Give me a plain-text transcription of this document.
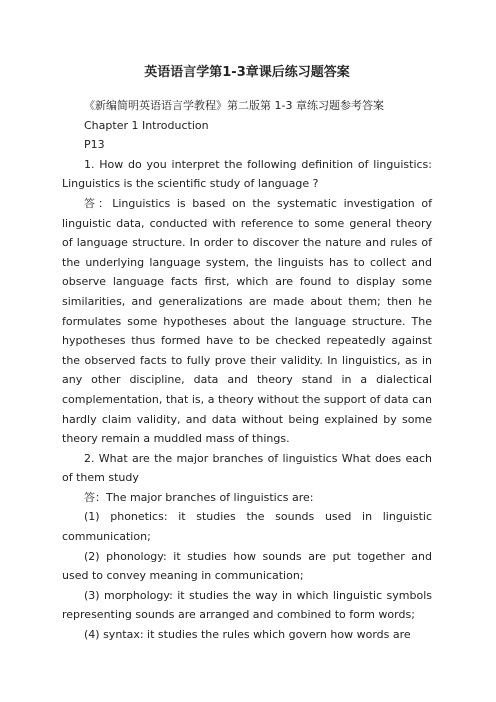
英语语言学第1-3章课后练习题答案

《新编简明英语语言学教程》第二版第 1-3 章练习题参考答案

Chapter 1 Introduction

P13

1. How do you interpret the following definition of linguistics: Linguistics is the scientific study of language ?

答：Linguistics is based on the systematic investigation of linguistic data, conducted with reference to some general theory of language structure. In order to discover the nature and rules of the underlying language system, the linguists has to collect and observe language facts first, which are found to display some similarities, and generalizations are made about them; then he formulates some hypotheses about the language structure. The hypotheses thus formed have to be checked repeatedly against the observed facts to fully prove their validity. In linguistics, as in any other discipline, data and theory stand in a dialectical complementation, that is, a theory without the support of data can hardly claim validity, and data without being explained by some theory remain a muddled mass of things.

2. What are the major branches of linguistics What does each of them study

答：The major branches of linguistics are:

(1) phonetics: it studies the sounds used in linguistic communication;

(2) phonology: it studies how sounds are put together and used to convey meaning in communication;

(3) morphology: it studies the way in which linguistic symbols representing sounds are arranged and combined to form words;

(4) syntax: it studies the rules which govern how words are
